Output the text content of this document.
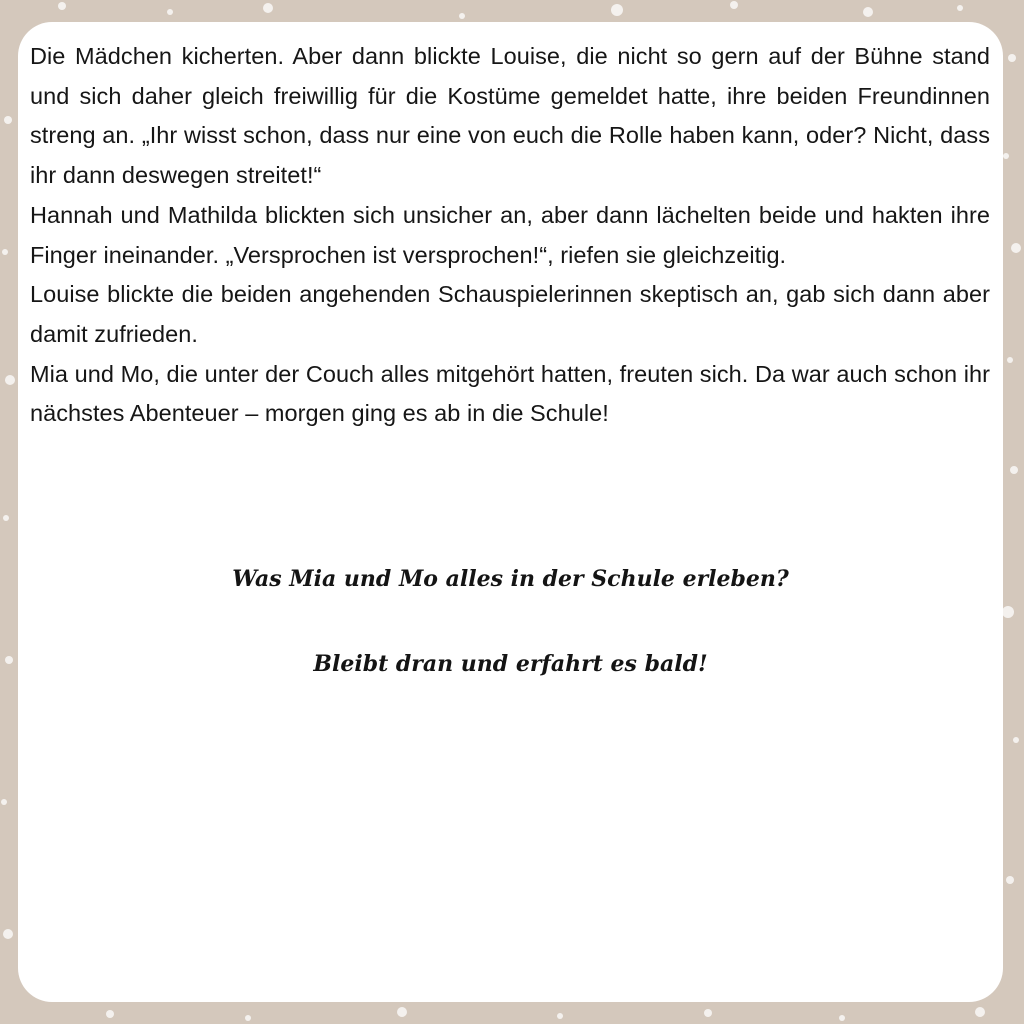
Die Mädchen kicherten. Aber dann blickte Louise, die nicht so gern auf der Bühne stand und sich daher gleich freiwillig für die Kostüme gemeldet hatte, ihre beiden Freundinnen streng an. „Ihr wisst schon, dass nur eine von euch die Rolle haben kann, oder? Nicht, dass ihr dann deswegen streitet!“

Hannah und Mathilda blickten sich unsicher an, aber dann lächelten beide und hakten ihre Finger ineinander. „Versprochen ist versprochen!“, riefen sie gleichzeitig.

Louise blickte die beiden angehenden Schauspielerinnen skeptisch an, gab sich dann aber damit zufrieden.

Mia und Mo, die unter der Couch alles mitgehört hatten, freuten sich. Da war auch schon ihr nächstes Abenteuer – morgen ging es ab in die Schule!

Was Mia und Mo alles in der Schule erleben?

Bleibt dran und erfahrt es bald!
